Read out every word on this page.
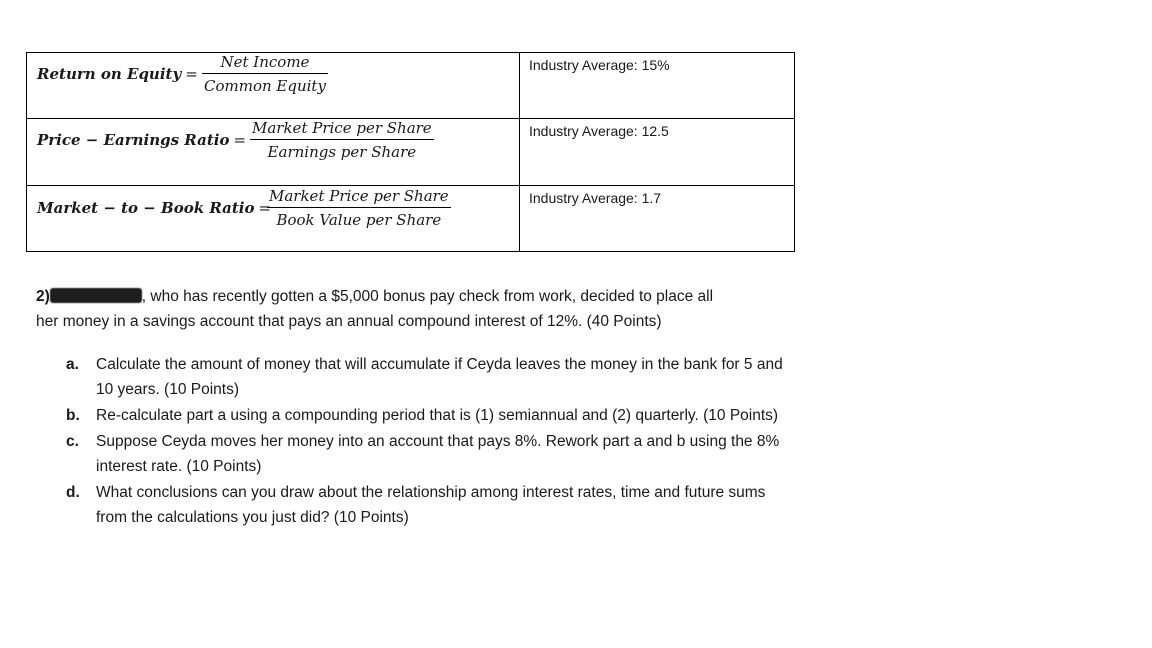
Return on Equity =
Net Income
Common Equity	Industry Average: 15%

Price − Earnings Ratio =
Market Price per Share
Earnings per Share	Industry Average: 12.5

Market − to − Book Ratio =
Market Price per Share
Book Value per Share	Industry Average: 1.7
2)	, who has recently gotten a $5,000 bonus pay check from work, decided to place all
her money in a savings account that pays an annual compound interest of 12%. (40 Points)
a. Calculate the amount of money that will accumulate if Ceyda leaves the money in the bank for 5 and 10 years. (10 Points)
b. Re-calculate part a using a compounding period that is (1) semiannual and (2) quarterly. (10 Points)
c. Suppose Ceyda moves her money into an account that pays 8%. Rework part a and b using the 8% interest rate. (10 Points)
d. What conclusions can you draw about the relationship among interest rates, time and future sums from the calculations you just did? (10 Points)
